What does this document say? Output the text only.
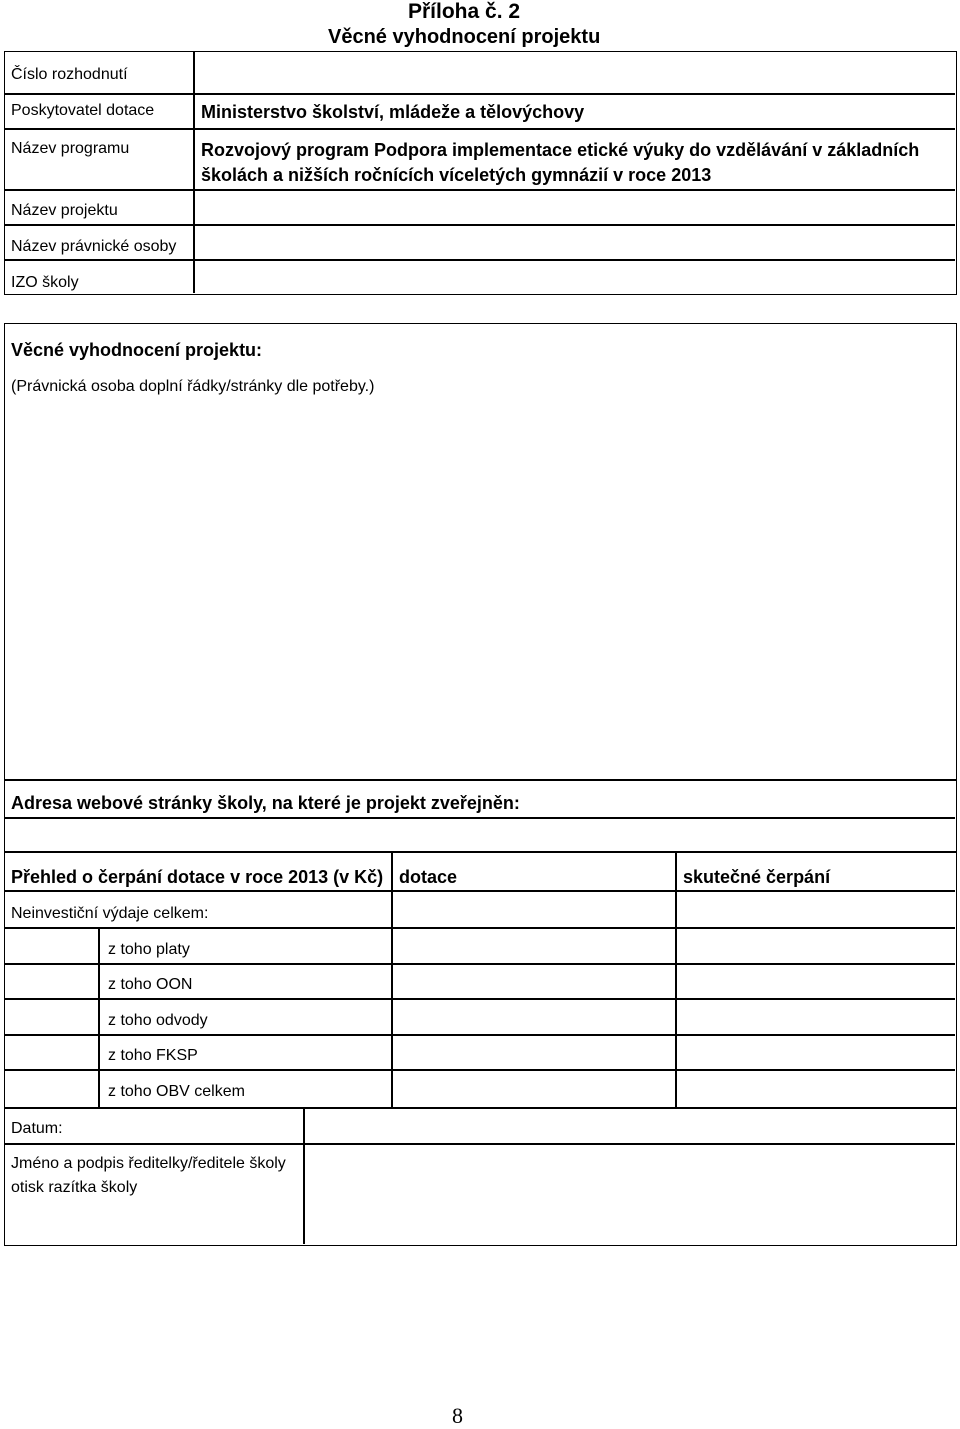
Příloha č. 2
Věcné vyhodnocení projektu
Číslo rozhodnutí
Poskytovatel dotace	Ministerstvo školství, mládeže a tělovýchovy
Název programu	Rozvojový program Podpora implementace etické výuky do vzdělávání v základních
školách a nižších ročnících víceletých gymnázií v roce 2013
Název projektu
Název právnické osoby
IZO školy
Věcné vyhodnocení projektu:
(Právnická osoba doplní řádky/stránky dle potřeby.)
Adresa webové stránky školy, na které je projekt zveřejněn:
Přehled o čerpání dotace v roce 2013 (v Kč) dotace	skutečné čerpání
Neinvestiční výdaje celkem:
z toho platy
z toho OON
z toho odvody
z toho FKSP
z toho OBV celkem
Datum:
Jméno a podpis ředitelky/ředitele školy
otisk razítka školy
8
